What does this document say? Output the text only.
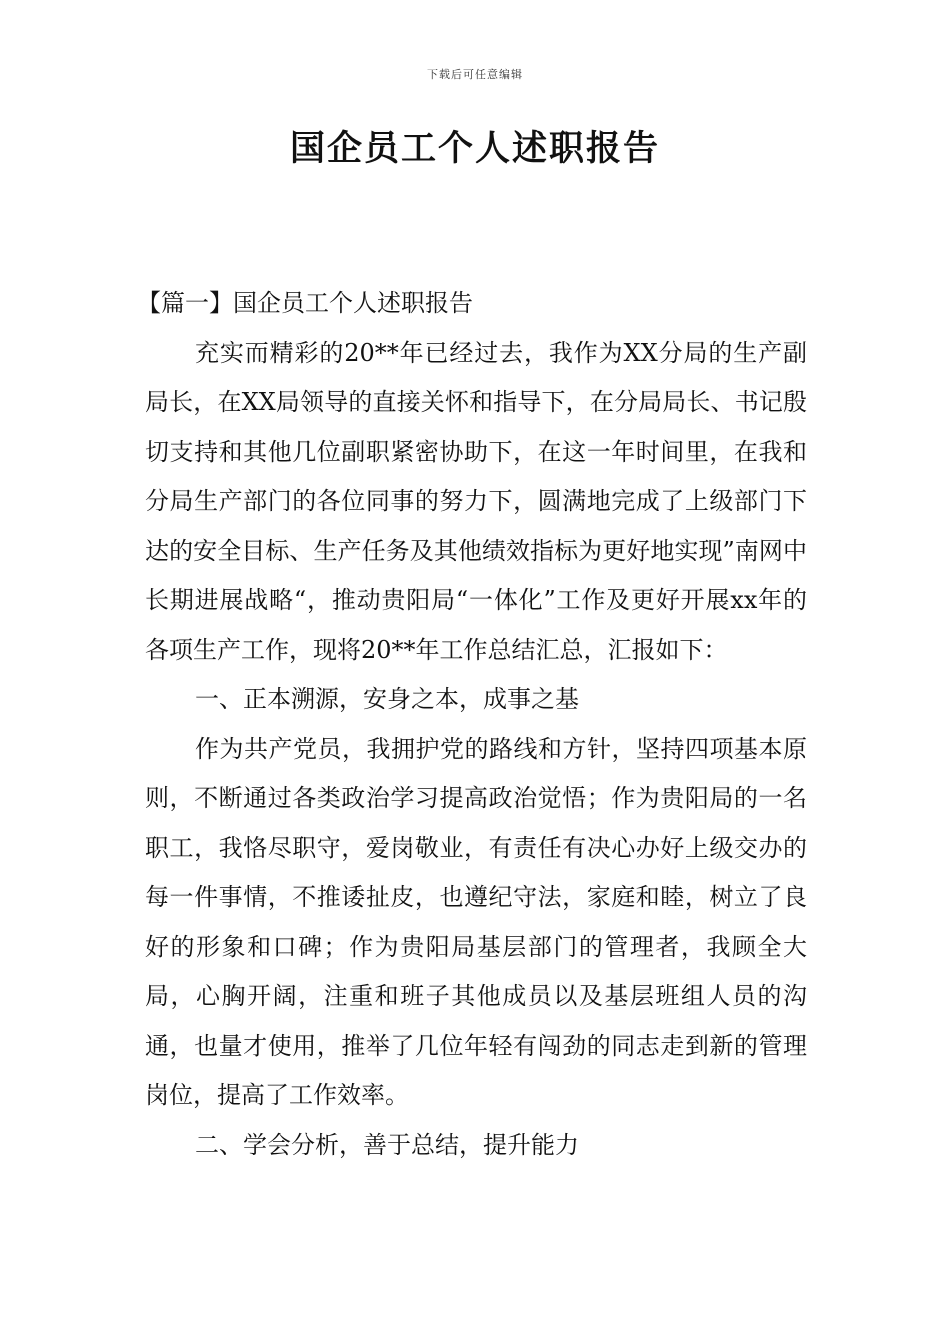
下载后可任意编辑
国企员工个人述职报告

【篇一】国企员工个人述职报告

充实而精彩的20**年已经过去，我作为XX分局的生产副局长，在XX局领导的直接关怀和指导下，在分局局长、书记殷切支持和其他几位副职紧密协助下，在这一年时间里，在我和分局生产部门的各位同事的努力下，圆满地完成了上级部门下达的安全目标、生产任务及其他绩效指标为更好地实现”南网中长期进展战略“，推动贵阳局“一体化”工作及更好开展xx年的各项生产工作，现将20**年工作总结汇总，汇报如下：

一、正本溯源，安身之本，成事之基

作为共产党员，我拥护党的路线和方针，坚持四项基本原则，不断通过各类政治学习提高政治觉悟；作为贵阳局的一名职工，我恪尽职守，爱岗敬业，有责任有决心办好上级交办的每一件事情，不推诿扯皮，也遵纪守法，家庭和睦，树立了良好的形象和口碑；作为贵阳局基层部门的管理者，我顾全大局，心胸开阔，注重和班子其他成员以及基层班组人员的沟通，也量才使用，推举了几位年轻有闯劲的同志走到新的管理岗位，提高了工作效率。

二、学会分析，善于总结，提升能力
